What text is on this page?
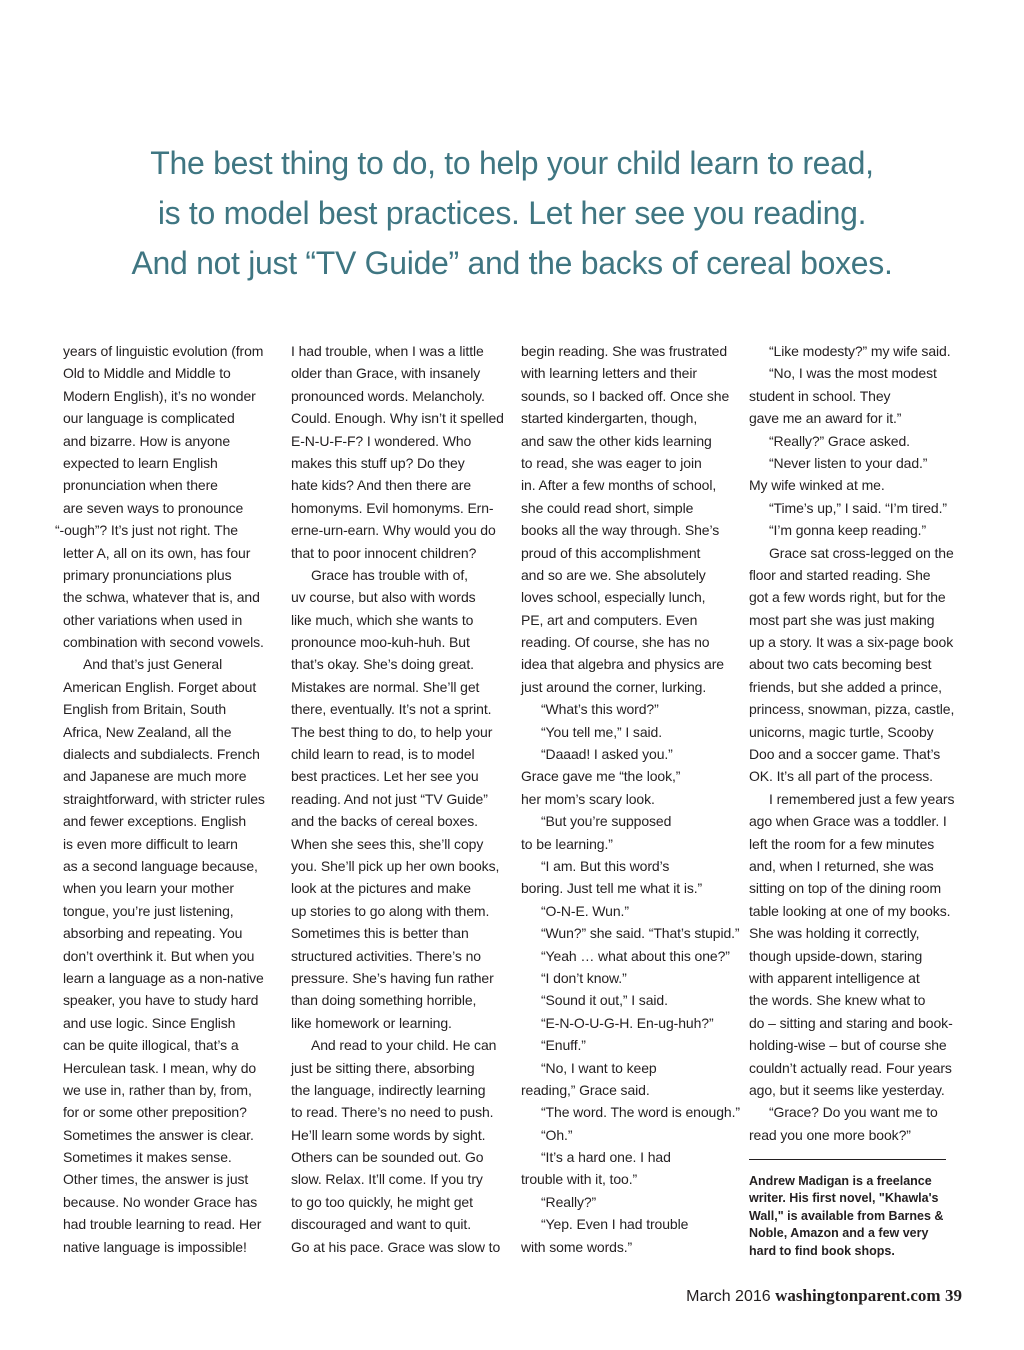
The best thing to do, to help your child learn to read,
is to model best practices. Let her see you reading.
And not just “TV Guide” and the backs of cereal boxes.
years of linguistic evolution (from
Old to Middle and Middle to
Modern English), it’s no wonder
our language is complicated
and bizarre. How is anyone
expected to learn English
pronunciation when there
are seven ways to pronounce
“-ough”? It’s just not right. The
letter A, all on its own, has four
primary pronunciations plus
the schwa, whatever that is, and
other variations when used in
combination with second vowels.
And that’s just General
American English. Forget about
English from Britain, South
Africa, New Zealand, all the
dialects and subdialects. French
and Japanese are much more
straightforward, with stricter rules
and fewer exceptions. English
is even more difficult to learn
as a second language because,
when you learn your mother
tongue, you’re just listening,
absorbing and repeating. You
don’t overthink it. But when you
learn a language as a non-native
speaker, you have to study hard
and use logic. Since English
can be quite illogical, that’s a
Herculean task. I mean, why do
we use in, rather than by, from,
for or some other preposition?
Sometimes the answer is clear.
Sometimes it makes sense.
Other times, the answer is just
because. No wonder Grace has
had trouble learning to read. Her
native language is impossible!
I had trouble, when I was a little
older than Grace, with insanely
pronounced words. Melancholy.
Could. Enough. Why isn’t it spelled
E-N-U-F-F? I wondered. Who
makes this stuff up? Do they
hate kids? And then there are
homonyms. Evil homonyms. Ern-
erne-urn-earn. Why would you do
that to poor innocent children?
Grace has trouble with of,
uv course, but also with words
like much, which she wants to
pronounce moo-kuh-huh. But
that’s okay. She’s doing great.
Mistakes are normal. She’ll get
there, eventually. It’s not a sprint.
The best thing to do, to help your
child learn to read, is to model
best practices. Let her see you
reading. And not just “TV Guide”
and the backs of cereal boxes.
When she sees this, she’ll copy
you. She’ll pick up her own books,
look at the pictures and make
up stories to go along with them.
Sometimes this is better than
structured activities. There’s no
pressure. She’s having fun rather
than doing something horrible,
like homework or learning.
And read to your child. He can
just be sitting there, absorbing
the language, indirectly learning
to read. There’s no need to push.
He’ll learn some words by sight.
Others can be sounded out. Go
slow. Relax. It’ll come. If you try
to go too quickly, he might get
discouraged and want to quit.
Go at his pace. Grace was slow to
begin reading. She was frustrated
with learning letters and their
sounds, so I backed off. Once she
started kindergarten, though,
and saw the other kids learning
to read, she was eager to join
in. After a few months of school,
she could read short, simple
books all the way through. She’s
proud of this accomplishment
and so are we. She absolutely
loves school, especially lunch,
PE, art and computers. Even
reading. Of course, she has no
idea that algebra and physics are
just around the corner, lurking.
“What’s this word?”
“You tell me,” I said.
“Daaad! I asked you.”
Grace gave me “the look,”
her mom’s scary look.
“But you’re supposed
to be learning.”
“I am. But this word’s
boring. Just tell me what it is.”
“O-N-E. Wun.”
“Wun?” she said. “That’s stupid.”
“Yeah … what about this one?”
“I don’t know.”
“Sound it out,” I said.
“E-N-O-U-G-H. En-ug-huh?”
“Enuff.”
“No, I want to keep
reading,” Grace said.
“The word. The word is enough.”
“Oh.”
“It’s a hard one. I had
trouble with it, too.”
“Really?”
“Yep. Even I had trouble
with some words.”
“Like modesty?” my wife said.
“No, I was the most modest
student in school. They
gave me an award for it.”
“Really?” Grace asked.
“Never listen to your dad.”
My wife winked at me.
“Time’s up,” I said. “I’m tired.”
“I’m gonna keep reading.”
Grace sat cross-legged on the
floor and started reading. She
got a few words right, but for the
most part she was just making
up a story. It was a six-page book
about two cats becoming best
friends, but she added a prince,
princess, snowman, pizza, castle,
unicorns, magic turtle, Scooby
Doo and a soccer game. That’s
OK. It’s all part of the process.
I remembered just a few years
ago when Grace was a toddler. I
left the room for a few minutes
and, when I returned, she was
sitting on top of the dining room
table looking at one of my books.
She was holding it correctly,
though upside-down, staring
with apparent intelligence at
the words. She knew what to
do – sitting and staring and book-
holding-wise – but of course she
couldn’t actually read. Four years
ago, but it seems like yesterday.
“Grace? Do you want me to
read you one more book?”
Andrew Madigan is a freelance
writer. His first novel, "Khawla's
Wall," is available from Barnes &
Noble, Amazon and a few very
hard to find book shops.
March 2016 washingtonparent.com 39
